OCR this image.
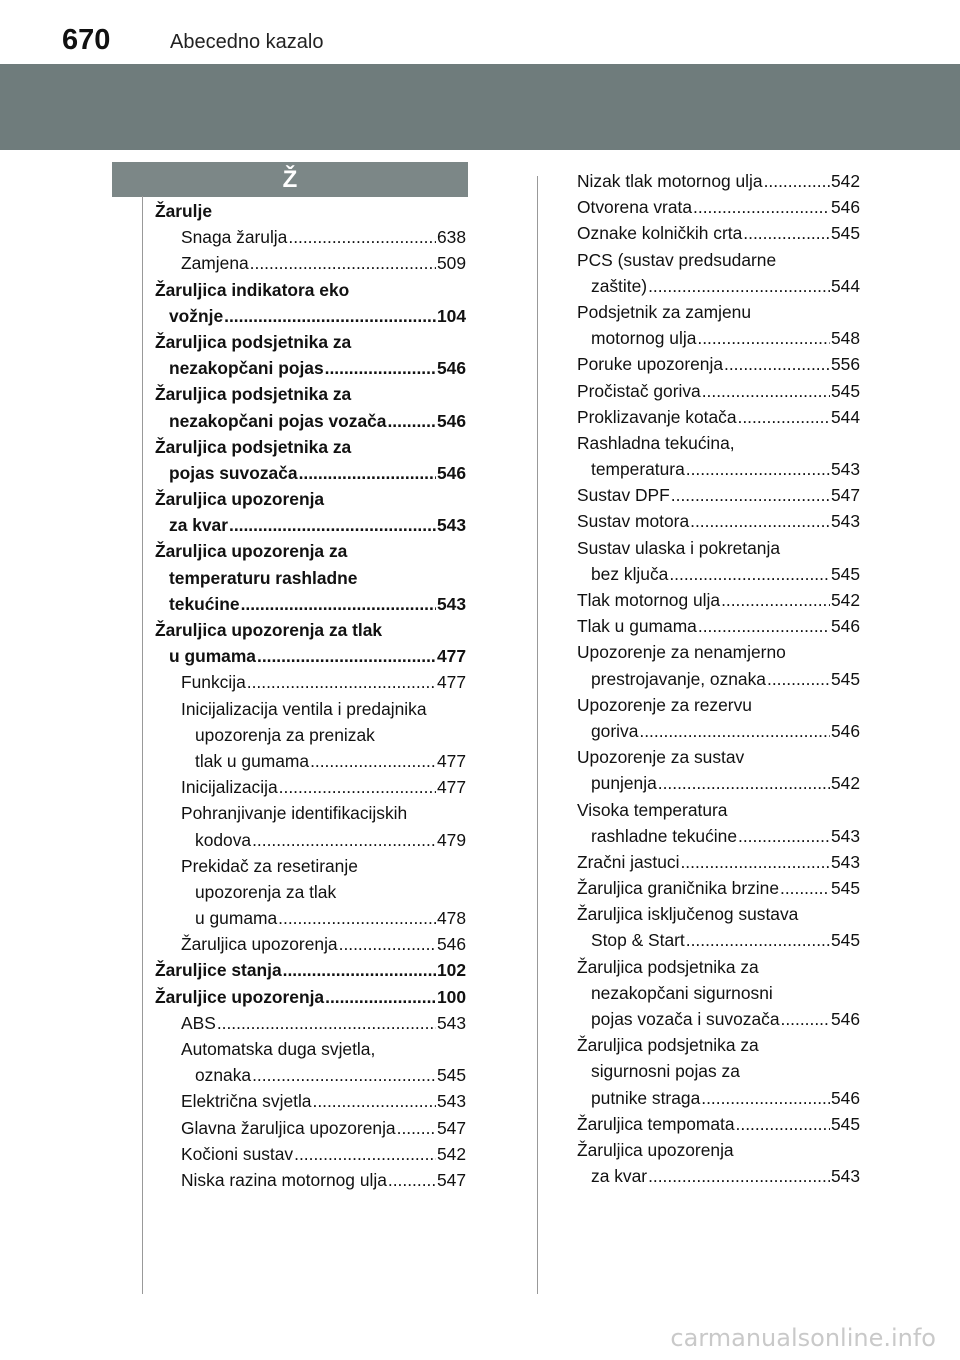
670	Abecedno kazalo
Ž
Žarulje
Snaga žarulja .....	638
Zamjena .....	509
Žaruljica indikatora eko
vožnje .....	104
Žaruljica podsjetnika za
nezakopčani pojas .....	546
Žaruljica podsjetnika za
nezakopčani pojas vozača .....	546
Žaruljica podsjetnika za
pojas suvozača .....	546
Žaruljica upozorenja
za kvar .....	543
Žaruljica upozorenja za
temperaturu rashladne
tekućine .....	543
Žaruljica upozorenja za tlak
u gumama .....	477
Funkcija .....	477
Inicijalizacija ventila i predajnika
upozorenja za prenizak
tlak u gumama .....	477
Inicijalizacija .....	477
Pohranjivanje identifikacijskih
kodova .....	479
Prekidač za resetiranje
upozorenja za tlak
u gumama .....	478
Žaruljica upozorenja .....	546
Žaruljice stanja .....	102
Žaruljice upozorenja .....	100
ABS .....	543
Automatska duga svjetla,
oznaka .....	545
Električna svjetla .....	543
Glavna žaruljica upozorenja ..... 547
Kočioni sustav .....	542
Niska razina motornog ulja .....	547
Nizak tlak motornog ulja .....	542
Otvorena vrata .....	546
Oznake kolničkih crta .....	545
PCS (sustav predsudarne
zaštite) .....	544
Podsjetnik za zamjenu
motornog ulja .....	548
Poruke upozorenja .....	556
Pročistač goriva .....	545
Proklizavanje kotača .....	544
Rashladna tekućina,
temperatura .....	543
Sustav DPF .....	547
Sustav motora .....	543
Sustav ulaska i pokretanja
bez ključa .....	545
Tlak motornog ulja .....	542
Tlak u gumama .....	546
Upozorenje za nenamjerno
prestrojavanje, oznaka .....	545
Upozorenje za rezervu
goriva .....	546
Upozorenje za sustav
punjenja .....	542
Visoka temperatura
rashladne tekućine .....	543
Zračni jastuci .....	543
Žaruljica graničnika brzine .....	545
Žaruljica isključenog sustava
Stop & Start .....	545
Žaruljica podsjetnika za
nezakopčani sigurnosni
pojas vozača i suvozača .....	546
Žaruljica podsjetnika za
sigurnosni pojas za
putnike straga .....	546
Žaruljica tempomata .....	545
Žaruljica upozorenja
za kvar .....	543
carmanualsonline.info
